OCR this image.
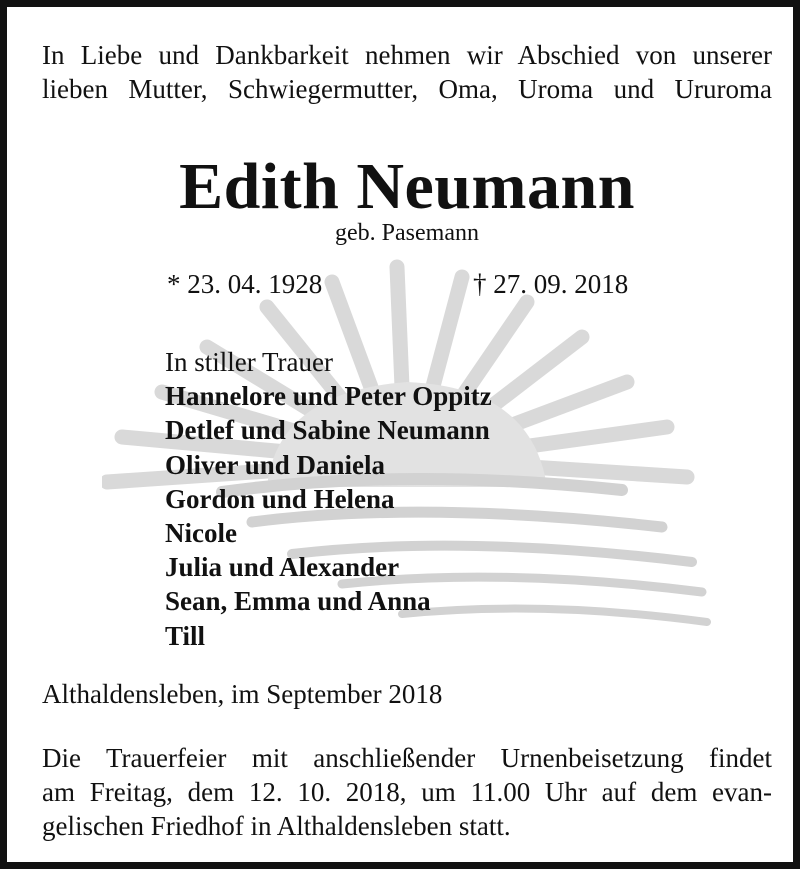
In Liebe und Dankbarkeit nehmen wir Abschied von unserer
lieben Mutter, Schwiegermutter, Oma, Uroma und Ururoma
Edith Neumann
geb. Pasemann
* 23. 04. 1928	† 27. 09. 2018
In stiller Trauer
Hannelore und Peter Oppitz
Detlef und Sabine Neumann
Oliver und Daniela
Gordon und Helena
Nicole
Julia und Alexander
Sean, Emma und Anna
Till
Althaldensleben, im September 2018
Die Trauerfeier mit anschließender Urnenbeisetzung findet
am Freitag, dem 12. 10. 2018, um 11.00 Uhr auf dem evan-
gelischen Friedhof in Althaldensleben statt.
